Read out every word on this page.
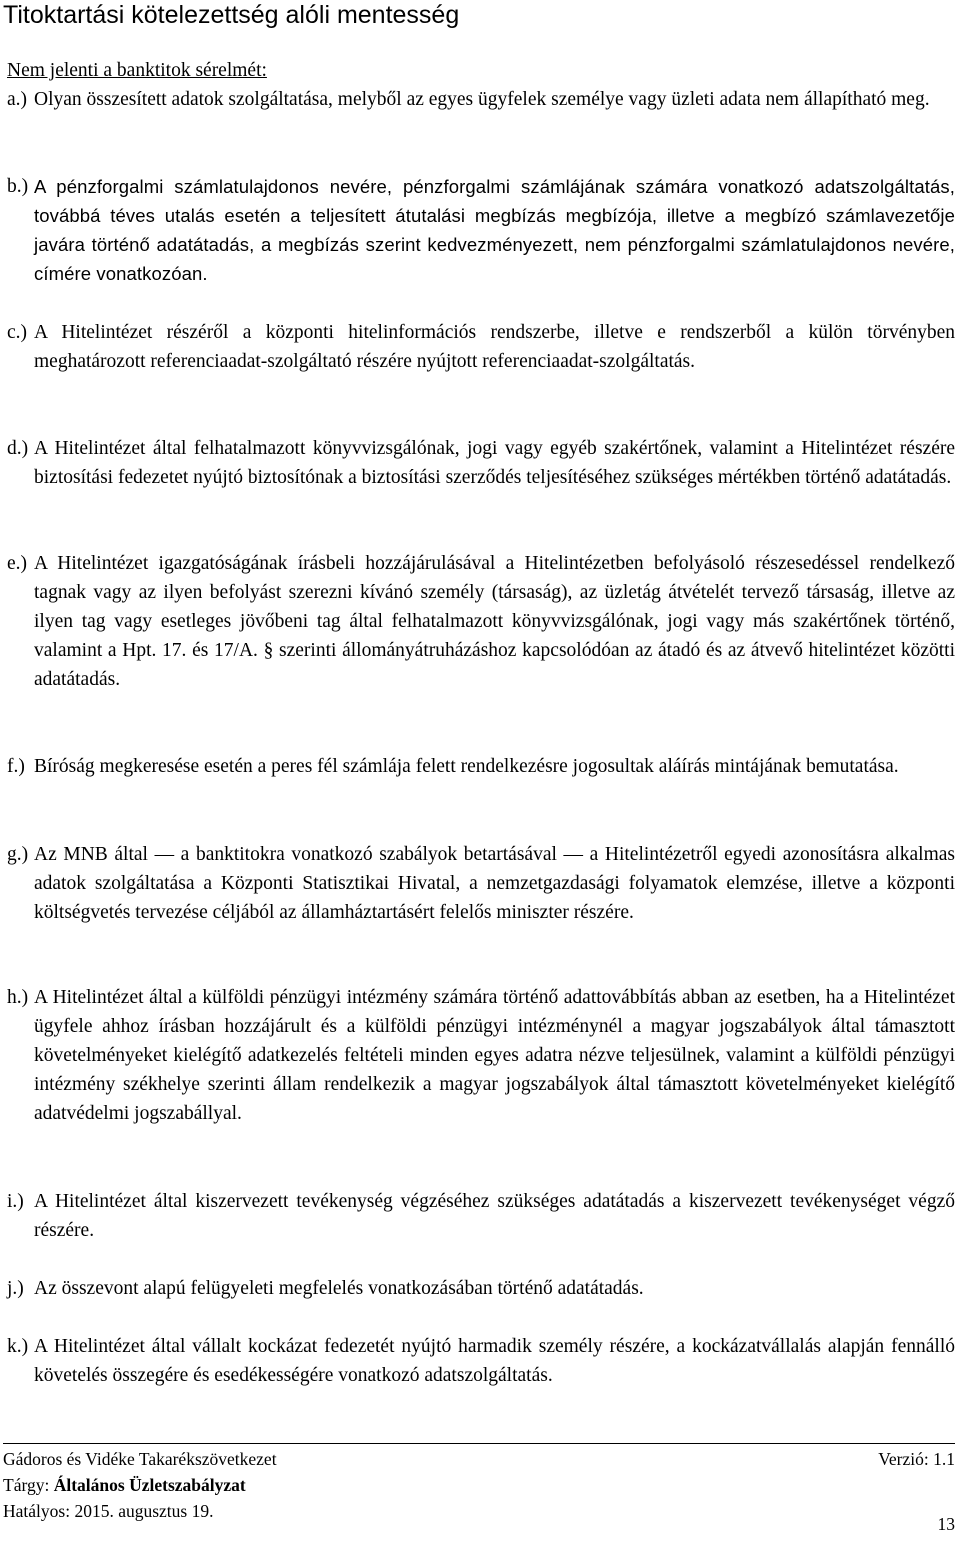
Titoktartási kötelezettség alóli mentesség
Nem jelenti a banktitok sérelmét:
a.) Olyan összesített adatok szolgáltatása, melyből az egyes ügyfelek személye vagy üzleti adata nem állapítható meg.
b.) A pénzforgalmi számlatulajdonos nevére, pénzforgalmi számlájának számára vonatkozó adatszolgáltatás, továbbá téves utalás esetén a teljesített átutalási megbízás megbízója, illetve a megbízó számlavezetője javára történő adatátadás, a megbízás szerint kedvezményezett, nem pénzforgalmi számlatulajdonos nevére, címére vonatkozóan.
c.) A Hitelintézet részéről a központi hitelinformációs rendszerbe, illetve e rendszerből a külön törvényben meghatározott referenciaadat-szolgáltató részére nyújtott referenciaadat-szolgáltatás.
d.) A Hitelintézet által felhatalmazott könyvvizsgálónak, jogi vagy egyéb szakértőnek, valamint a Hitelintézet részére biztosítási fedezetet nyújtó biztosítónak a biztosítási szerződés teljesítéséhez szükséges mértékben történő adatátadás.
e.) A Hitelintézet igazgatóságának írásbeli hozzájárulásával a Hitelintézetben befolyásoló részesedéssel rendelkező tagnak vagy az ilyen befolyást szerezni kívánó személy (társaság), az üzletág átvételét tervező társaság, illetve az ilyen tag vagy esetleges jövőbeni tag által felhatalmazott könyvvizsgálónak, jogi vagy más szakértőnek történő, valamint a Hpt. 17. és 17/A. § szerinti állományátruházáshoz kapcsolódóan az átadó és az átvevő hitelintézet közötti adatátadás.
f.) Bíróság megkeresése esetén a peres fél számlája felett rendelkezésre jogosultak aláírás mintájának bemutatása.
g.) Az MNB által — a banktitokra vonatkozó szabályok betartásával — a Hitelintézetről egyedi azonosításra alkalmas adatok szolgáltatása a Központi Statisztikai Hivatal, a nemzetgazdasági folyamatok elemzése, illetve a központi költségvetés tervezése céljából az államháztartásért felelős miniszter részére.
h.) A Hitelintézet által a külföldi pénzügyi intézmény számára történő adattovábbítás abban az esetben, ha a Hitelintézet ügyfele ahhoz írásban hozzájárult és a külföldi pénzügyi intézménynél a magyar jogszabályok által támasztott követelményeket kielégítő adatkezelés feltételi minden egyes adatra nézve teljesülnek, valamint a külföldi pénzügyi intézmény székhelye szerinti állam rendelkezik a magyar jogszabályok által támasztott követelményeket kielégítő adatvédelmi jogszabállyal.
i.) A Hitelintézet által kiszervezett tevékenység végzéséhez szükséges adatátadás a kiszervezett tevékenységet végző részére.
j.) Az összevont alapú felügyeleti megfelelés vonatkozásában történő adatátadás.
k.) A Hitelintézet által vállalt kockázat fedezetét nyújtó harmadik személy részére, a kockázatvállalás alapján fennálló követelés összegére és esedékességére vonatkozó adatszolgáltatás.
Gádoros és Vidéke Takarékszövetkezet
Tárgy: Általános Üzletszabályzat
Hatályos: 2015. augusztus 19.
Verzió: 1.1
13
